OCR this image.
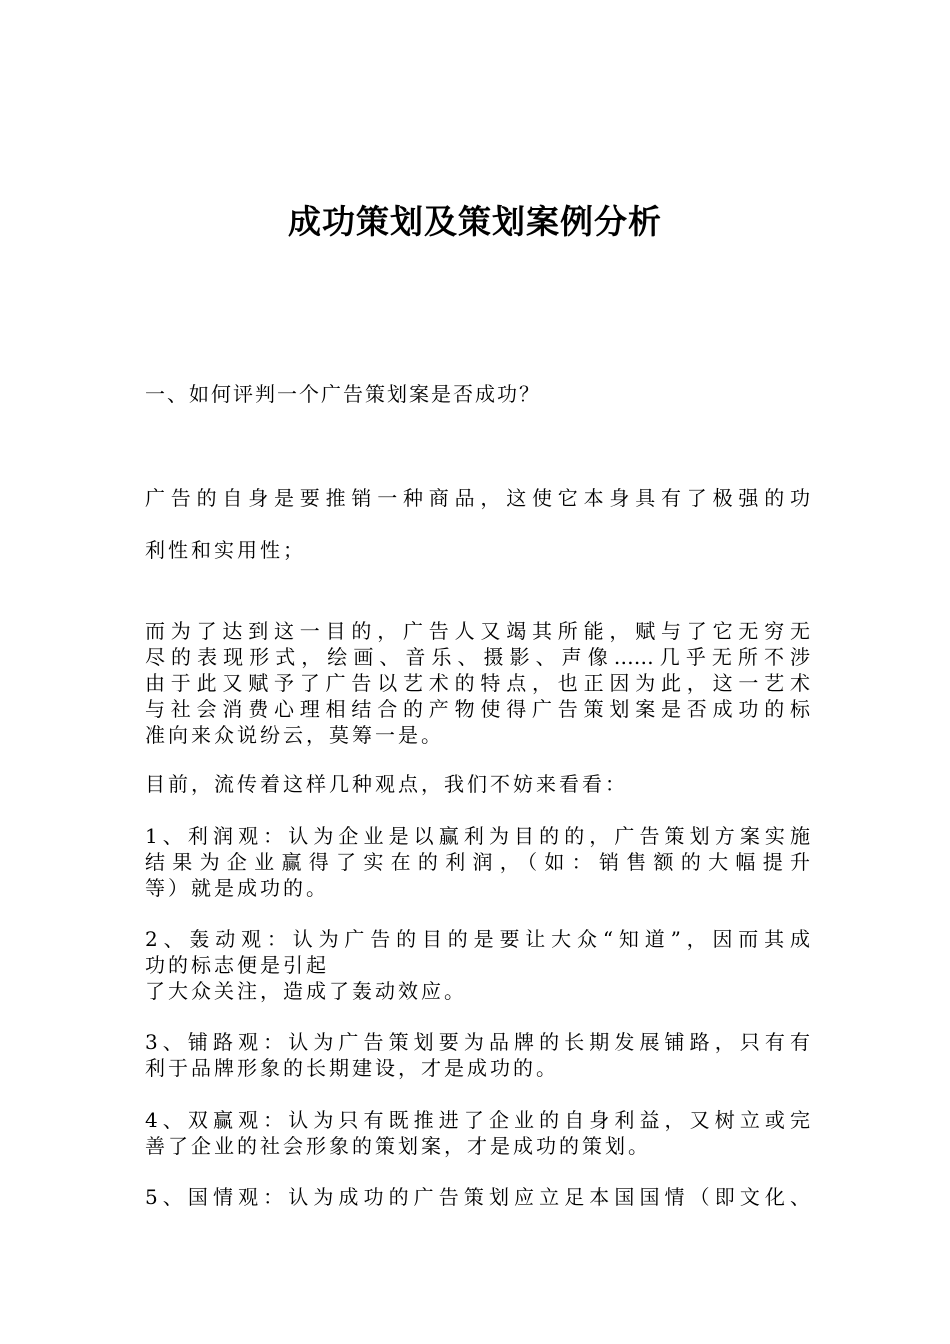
成功策划及策划案例分析
一、如何评判一个广告策划案是否成功？
广告的自身是要推销一种商品，这使它本身具有了极强的功
利性和实用性；
而为了达到这一目的，广告人又竭其所能，赋与了它无穷无
尽的表现形式，绘画、音乐、摄影、声像……几乎无所不涉
由于此又赋予了广告以艺术的特点，也正因为此，这一艺术
与社会消费心理相结合的产物使得广告策划案是否成功的标
准向来众说纷云，莫筹一是。
目前，流传着这样几种观点，我们不妨来看看：
1、利润观：认为企业是以赢利为目的的，广告策划方案实施
结果为企业赢得了实在的利润，（如：销售额的大幅提升
等）就是成功的。
2、轰动观：认为广告的目的是要让大众“知道”，因而其成
功的标志便是引起
了大众关注，造成了轰动效应。
3、铺路观：认为广告策划要为品牌的长期发展铺路，只有有
利于品牌形象的长期建设，才是成功的。
4、双赢观：认为只有既推进了企业的自身利益，又树立或完
善了企业的社会形象的策划案，才是成功的策划。
5、国情观：认为成功的广告策划应立足本国国情（即文化、
